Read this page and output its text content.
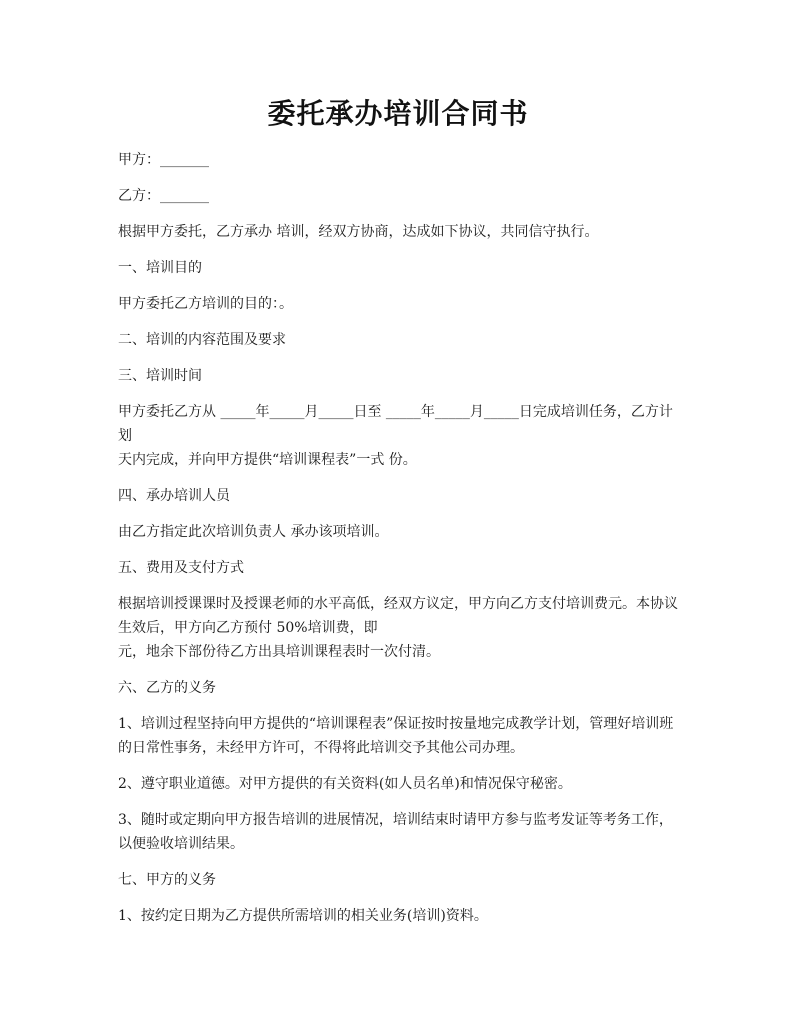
委托承办培训合同书

甲方：_______

乙方：_______

根据甲方委托，乙方承办 培训，经双方协商，达成如下协议，共同信守执行。

一、培训目的

甲方委托乙方培训的目的：。

二、培训的内容范围及要求

三、培训时间

甲方委托乙方从 _____年_____月_____日至 _____年_____月_____日完成培训任务，乙方计划

天内完成，并向甲方提供“培训课程表”一式 份。

四、承办培训人员

由乙方指定此次培训负责人 承办该项培训。

五、费用及支付方式

根据培训授课课时及授课老师的水平高低，经双方议定，甲方向乙方支付培训费元。本协议生效后，甲方向乙方预付 50%培训费，即

元，地余下部份待乙方出具培训课程表时一次付清。

六、乙方的义务

1、培训过程坚持向甲方提供的“培训课程表”保证按时按量地完成教学计划，管理好培训班的日常性事务，未经甲方许可，不得将此培训交予其他公司办理。

2、遵守职业道德。对甲方提供的有关资料(如人员名单)和情况保守秘密。

3、随时或定期向甲方报告培训的进展情况，培训结束时请甲方参与监考发证等考务工作，以便验收培训结果。

七、甲方的义务

1、按约定日期为乙方提供所需培训的相关业务(培训)资料。
